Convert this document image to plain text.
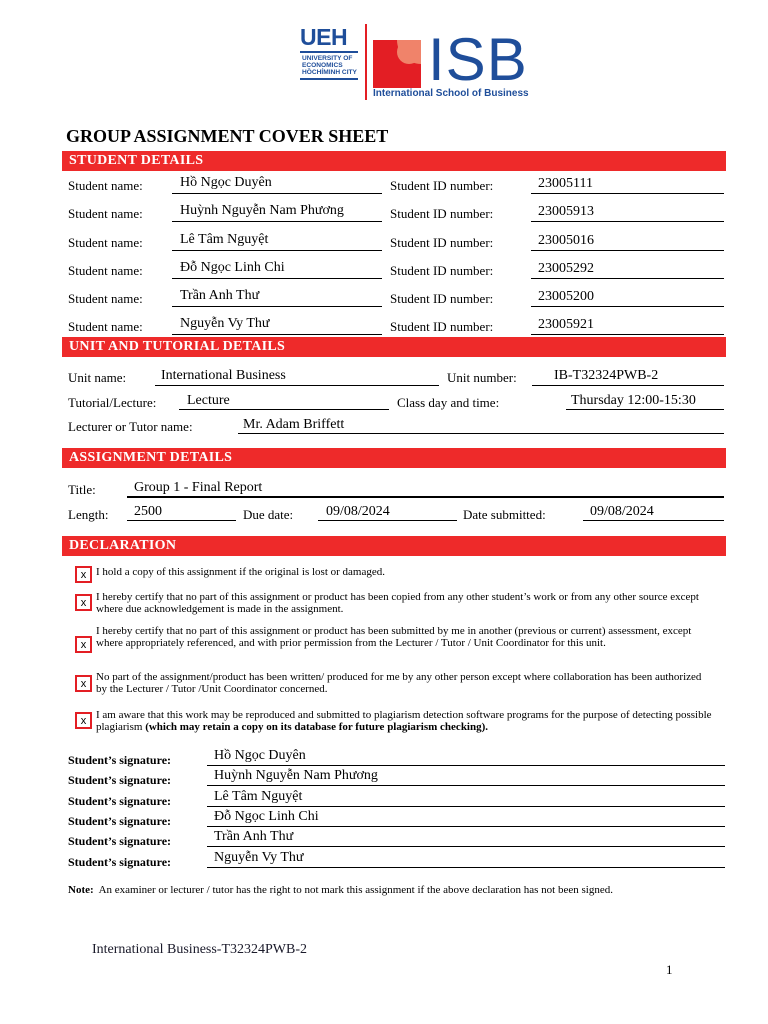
UEH
UNIVERSITY OF
ECONOMICS
HỒCHÍMINH CITY ISB
International School of Business
GROUP ASSIGNMENT COVER SHEET
STUDENT DETAILS
Student name:	Hồ Ngọc Duyên	Student ID number:	23005111
Student name:	Huỳnh Nguyễn Nam Phương	Student ID number:	23005913
Student name:	Lê Tâm Nguyệt	Student ID number:	23005016
Student name:	Đỗ Ngọc Linh Chi	Student ID number:	23005292
Student name:	Trần Anh Thư	Student ID number:	23005200
Student name:	Nguyễn Vy Thư	Student ID number:	23005921
UNIT AND TUTORIAL DETAILS
Unit name: International Business	Unit number:	IB-T32324PWB-2
Tutorial/Lecture: Lecture	Class day and time:	Thursday 12:00-15:30
Lecturer or Tutor name:	Mr. Adam Briffett
ASSIGNMENT DETAILS
Title:	Group 1 - Final Report
Length: 2500	Due date: 09/08/2024	Date submitted:	09/08/2024
DECLARATION
x I hold a copy of this assignment if the original is lost or damaged.
x I hereby certify that no part of this assignment or product has been copied from any other student’s work or from any other source except where due acknowledgement is made in the assignment.
x
I hereby certify that no part of this assignment or product has been submitted by me in another (previous or current) assessment, except where appropriately referenced, and with prior permission from the Lecturer / Tutor / Unit Coordinator for this unit.
x
No part of the assignment/product has been written/ produced for me by any other person except where collaboration has been authorized by the Lecturer / Tutor /Unit Coordinator concerned.
x I am aware that this work may be reproduced and submitted to plagiarism detection software programs for the purpose of detecting possible plagiarism (which may retain a copy on its database for future plagiarism checking).
Student’s signature:	Hồ Ngọc Duyên
Student’s signature:	Huỳnh Nguyễn Nam Phương
Student’s signature:	Lê Tâm Nguyệt
Student’s signature:	Đỗ Ngọc Linh Chi
Student’s signature:	Trần Anh Thư
Student’s signature:	Nguyễn Vy Thư
Note: An examiner or lecturer / tutor has the right to not mark this assignment if the above declaration has not been signed.
International Business-T32324PWB-2
1
